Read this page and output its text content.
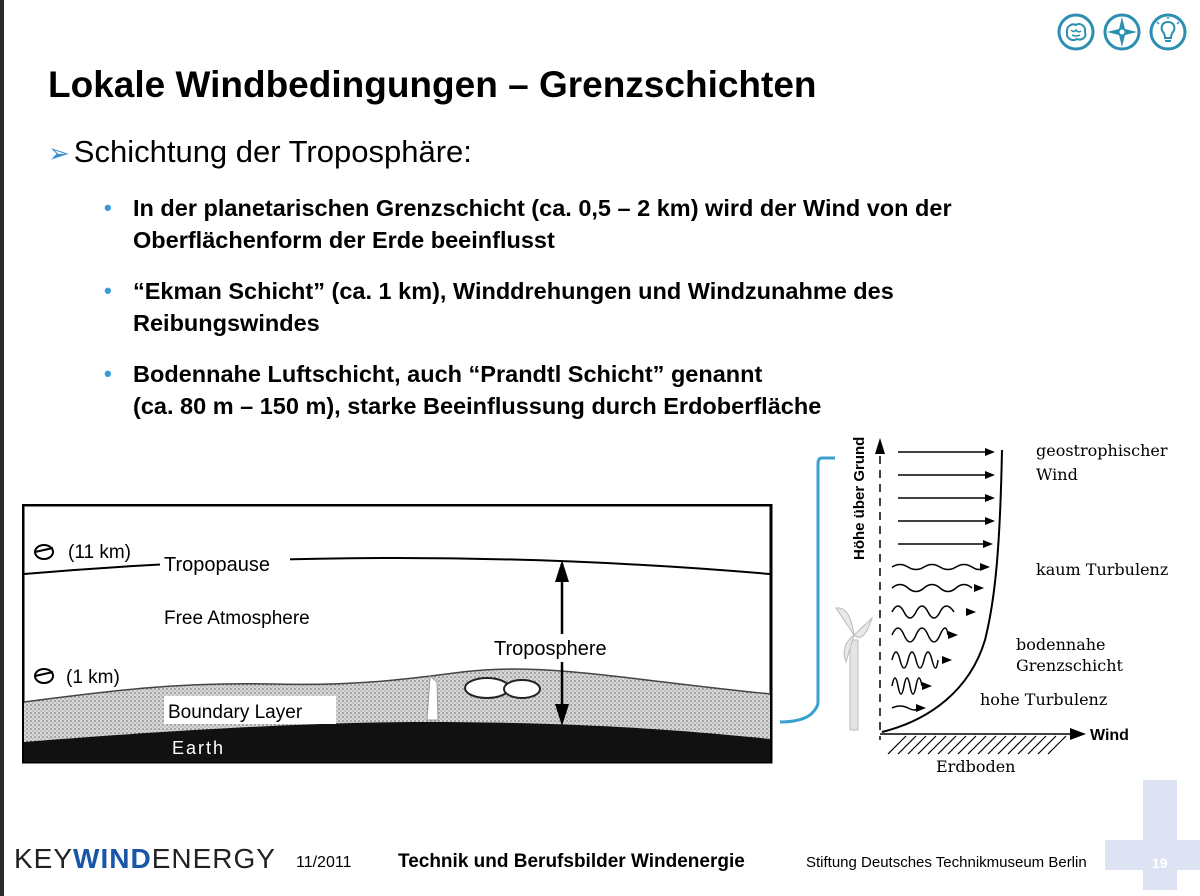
Lokale Windbedingungen – Grenzschichten
➢ Schichtung der Troposphäre:
• In der planetarischen Grenzschicht (ca. 0,5 – 2 km) wird der Wind von der
Oberflächenform der Erde beeinflusst
• “Ekman Schicht” (ca. 1 km), Winddrehungen und Windzunahme des
Reibungswindes
• Bodennahe Luftschicht, auch “Prandtl Schicht” genannt
(ca. 80 m – 150 m), starke Beeinflussung durch Erdoberfläche
(11 km)
Tropopause
Free Atmosphere
Troposphere
(1 km)
Boundary Layer
Earth
Höhe über Grund
Wind
geostrophischer
Wind
kaum Turbulenz
bodennahe
Grenzschicht
hohe Turbulenz
Erdboden
KEYWINDENERGY 11/2011 Technik und Berufsbilder Windenergie	Stiftung Deutsches Technikmuseum Berlin	19
